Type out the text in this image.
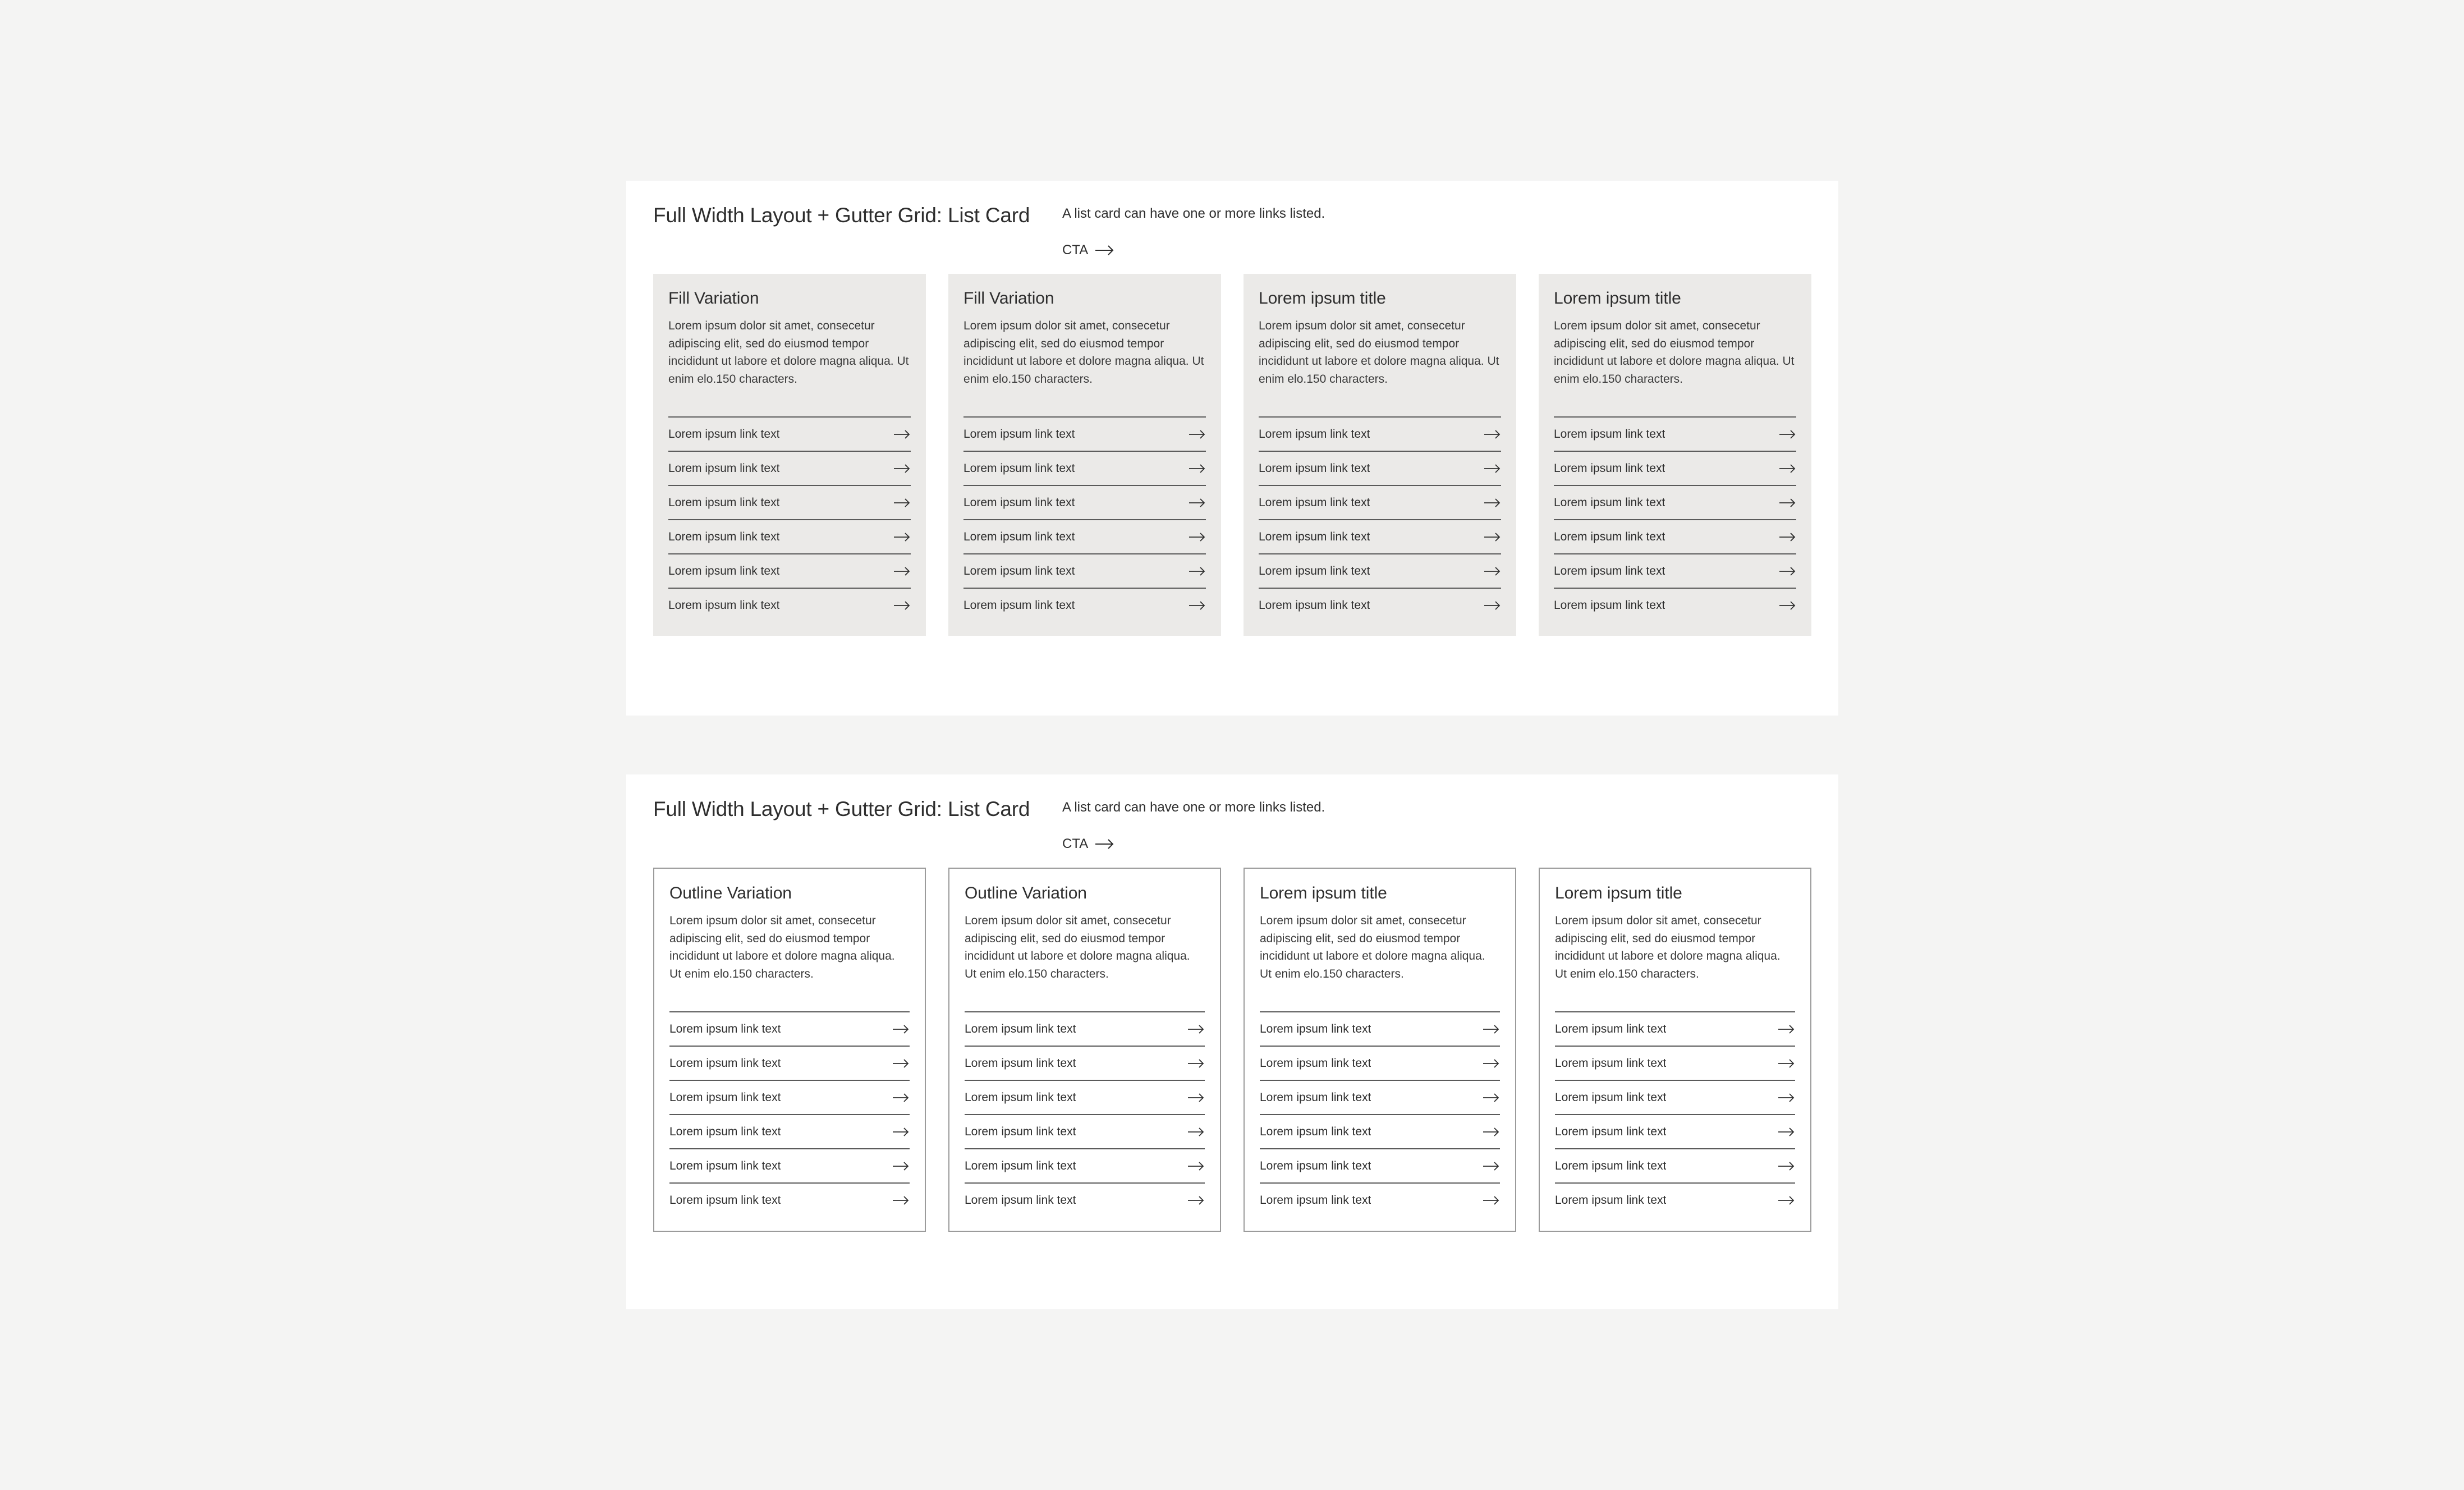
Full Width Layout + Gutter Grid: List Card A list card can have one or more links listed.

CTA
Fill Variation

Lorem ipsum dolor sit amet, consecetur adipiscing elit, sed do eiusmod tempor incididunt ut labore et dolore magna aliqua. Ut enim elo.150 characters.

Lorem ipsum link text
Lorem ipsum link text
Lorem ipsum link text
Lorem ipsum link text
Lorem ipsum link text
Lorem ipsum link text
Fill Variation

Lorem ipsum dolor sit amet, consecetur adipiscing elit, sed do eiusmod tempor incididunt ut labore et dolore magna aliqua. Ut enim elo.150 characters.

Lorem ipsum link text
Lorem ipsum link text
Lorem ipsum link text
Lorem ipsum link text
Lorem ipsum link text
Lorem ipsum link text
Lorem ipsum title

Lorem ipsum dolor sit amet, consecetur adipiscing elit, sed do eiusmod tempor incididunt ut labore et dolore magna aliqua. Ut enim elo.150 characters.

Lorem ipsum link text
Lorem ipsum link text
Lorem ipsum link text
Lorem ipsum link text
Lorem ipsum link text
Lorem ipsum link text
Lorem ipsum title

Lorem ipsum dolor sit amet, consecetur adipiscing elit, sed do eiusmod tempor incididunt ut labore et dolore magna aliqua. Ut enim elo.150 characters.

Lorem ipsum link text
Lorem ipsum link text
Lorem ipsum link text
Lorem ipsum link text
Lorem ipsum link text
Lorem ipsum link text
Full Width Layout + Gutter Grid: List Card A list card can have one or more links listed.

CTA
Outline Variation

Lorem ipsum dolor sit amet, consecetur adipiscing elit, sed do eiusmod tempor incididunt ut labore et dolore magna aliqua. Ut enim elo.150 characters.

Lorem ipsum link text
Lorem ipsum link text
Lorem ipsum link text
Lorem ipsum link text
Lorem ipsum link text
Lorem ipsum link text
Outline Variation

Lorem ipsum dolor sit amet, consecetur adipiscing elit, sed do eiusmod tempor incididunt ut labore et dolore magna aliqua. Ut enim elo.150 characters.

Lorem ipsum link text
Lorem ipsum link text
Lorem ipsum link text
Lorem ipsum link text
Lorem ipsum link text
Lorem ipsum link text
Lorem ipsum title

Lorem ipsum dolor sit amet, consecetur adipiscing elit, sed do eiusmod tempor incididunt ut labore et dolore magna aliqua. Ut enim elo.150 characters.

Lorem ipsum link text
Lorem ipsum link text
Lorem ipsum link text
Lorem ipsum link text
Lorem ipsum link text
Lorem ipsum link text
Lorem ipsum title

Lorem ipsum dolor sit amet, consecetur adipiscing elit, sed do eiusmod tempor incididunt ut labore et dolore magna aliqua. Ut enim elo.150 characters.

Lorem ipsum link text
Lorem ipsum link text
Lorem ipsum link text
Lorem ipsum link text
Lorem ipsum link text
Lorem ipsum link text
